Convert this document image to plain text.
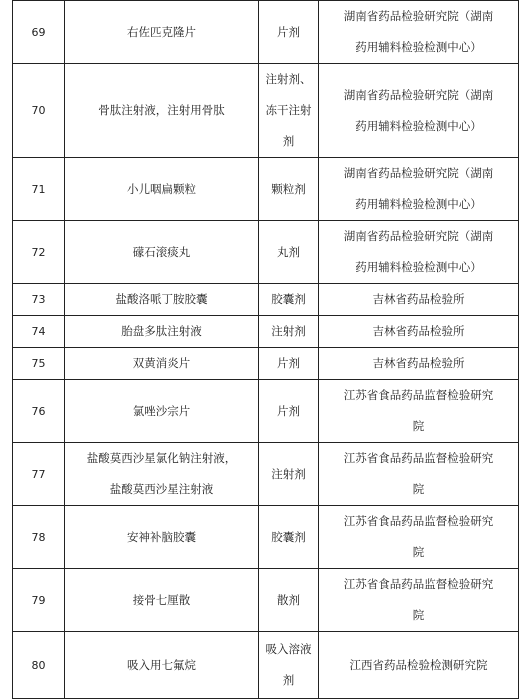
69	右佐匹克隆片	片剂	湖南省药品检验研究院（湖南
药用辅料检验检测中心）

70	骨肽注射液，注射用骨肽	注射剂、
冻干注射
剂	湖南省药品检验研究院（湖南
药用辅料检验检测中心）

71	小儿咽扁颗粒	颗粒剂	湖南省药品检验研究院（湖南
药用辅料检验检测中心）

72	礞石滚痰丸	丸剂	湖南省药品检验研究院（湖南
药用辅料检验检测中心）

73	盐酸洛哌丁胺胶囊	胶囊剂	吉林省药品检验所

74	胎盘多肽注射液	注射剂	吉林省药品检验所

75	双黄消炎片	片剂	吉林省药品检验所

76	氯唑沙宗片	片剂	江苏省食品药品监督检验研究
院

77	盐酸莫西沙星氯化钠注射液，
盐酸莫西沙星注射液	注射剂	江苏省食品药品监督检验研究
院

78	安神补脑胶囊	胶囊剂	江苏省食品药品监督检验研究
院

79	接骨七厘散	散剂	江苏省食品药品监督检验研究
院

80	吸入用七氟烷	吸入溶液
剂	江西省药品检验检测研究院
